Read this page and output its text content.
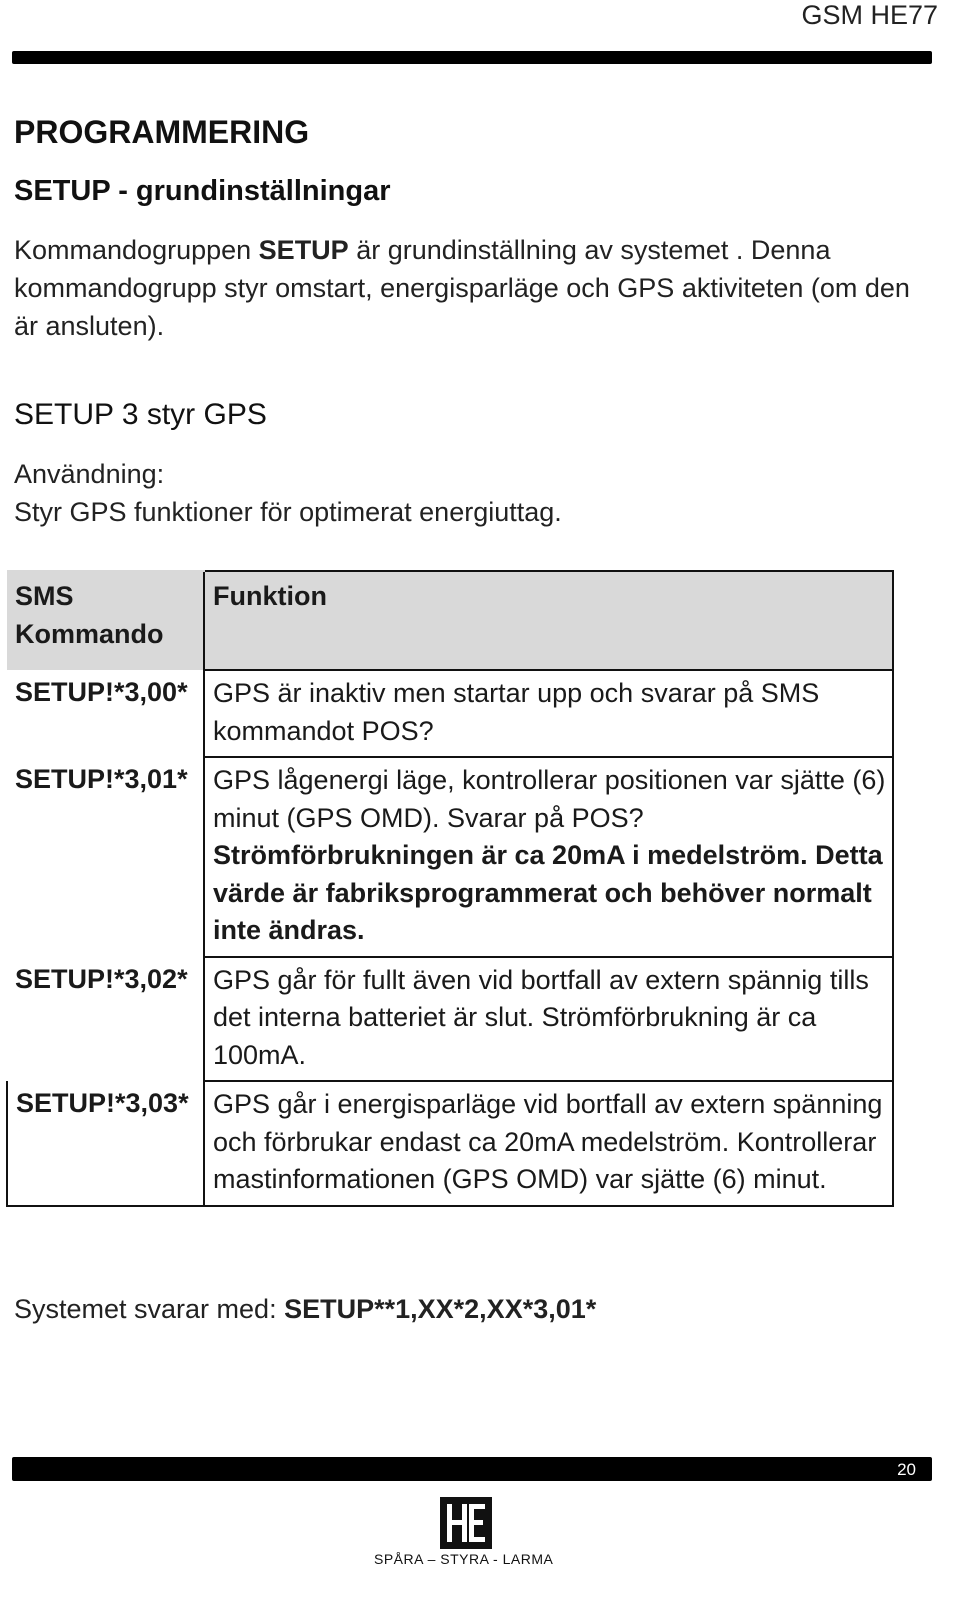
GSM HE77
PROGRAMMERING
SETUP - grundinställningar
Kommandogruppen SETUP är grundinställning av systemet . Denna kommandogrupp styr omstart, energisparläge och GPS aktiviteten (om den är ansluten).
SETUP 3 styr GPS
Användning:
Styr GPS funktioner för optimerat energiuttag.
SMS
Kommando	Funktion
SETUP!*3,00*	GPS är inaktiv men startar upp och svarar på SMS kommandot POS?
SETUP!*3,01*	GPS lågenergi läge, kontrollerar positionen var sjätte (6) minut (GPS OMD). Svarar på POS?
Strömförbrukningen är ca 20mA i medelström. Detta värde är fabriksprogrammerat och behöver normalt inte ändras.
SETUP!*3,02*	GPS går för fullt även vid bortfall av extern spännig tills det interna batteriet är slut. Strömförbrukning är ca 100mA.
SETUP!*3,03*	GPS går i energisparläge vid bortfall av extern spänning och förbrukar endast ca 20mA medelström. Kontrollerar mastinformationen (GPS OMD) var sjätte (6) minut.
Systemet svarar med: SETUP**1,XX*2,XX*3,01*
20
SPÅRA – STYRA - LARMA
